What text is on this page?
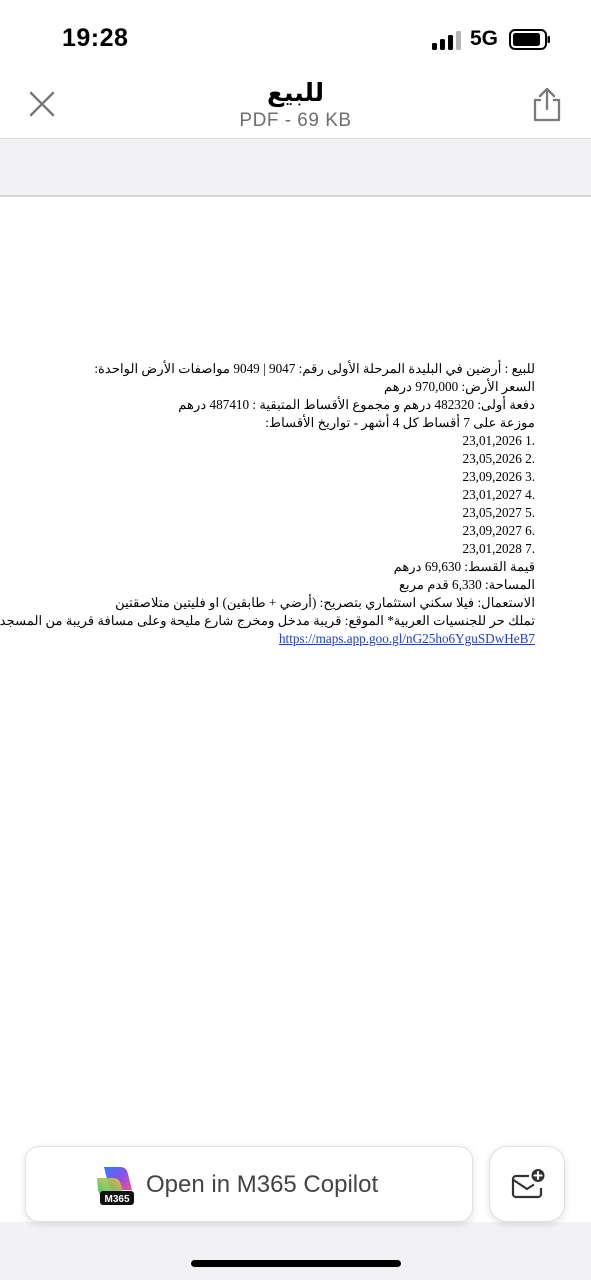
19:28	5G
للبيع
PDF - 69 KB
للبيع : أرضين في البليدة المرحلة الأولى رقم: 9047 | 9049 مواصفات الأرض الواحدة:
السعر الأرض: 970,000 درهم
دفعة أولى: 482320 درهم و مجموع الأقساط المتبقية : 487410 درهم
موزعة على 7 أقساط كل 4 أشهر - تواريخ الأقساط:
.1 23,01,2026
.2 23,05,2026
.3 23,09,2026
.4 23,01,2027
.5 23,05,2027
.6 23,09,2027
.7 23,01,2028
قيمة القسط: 69,630 درهم
المساحة: 6,330 قدم مربع
الاستعمال: فيلا سكني استثماري بتصريح: (أرضي + طابقين) او فليتين متلاصقتين
تملك حر للجنسيات العربية* الموقع: قريبة مدخل ومخرج شارع مليحة وعلى مسافة قريبة من المسجد
https://maps.app.goo.gl/nG25ho6YguSDwHeB7
M365
Open in M365 Copilot
